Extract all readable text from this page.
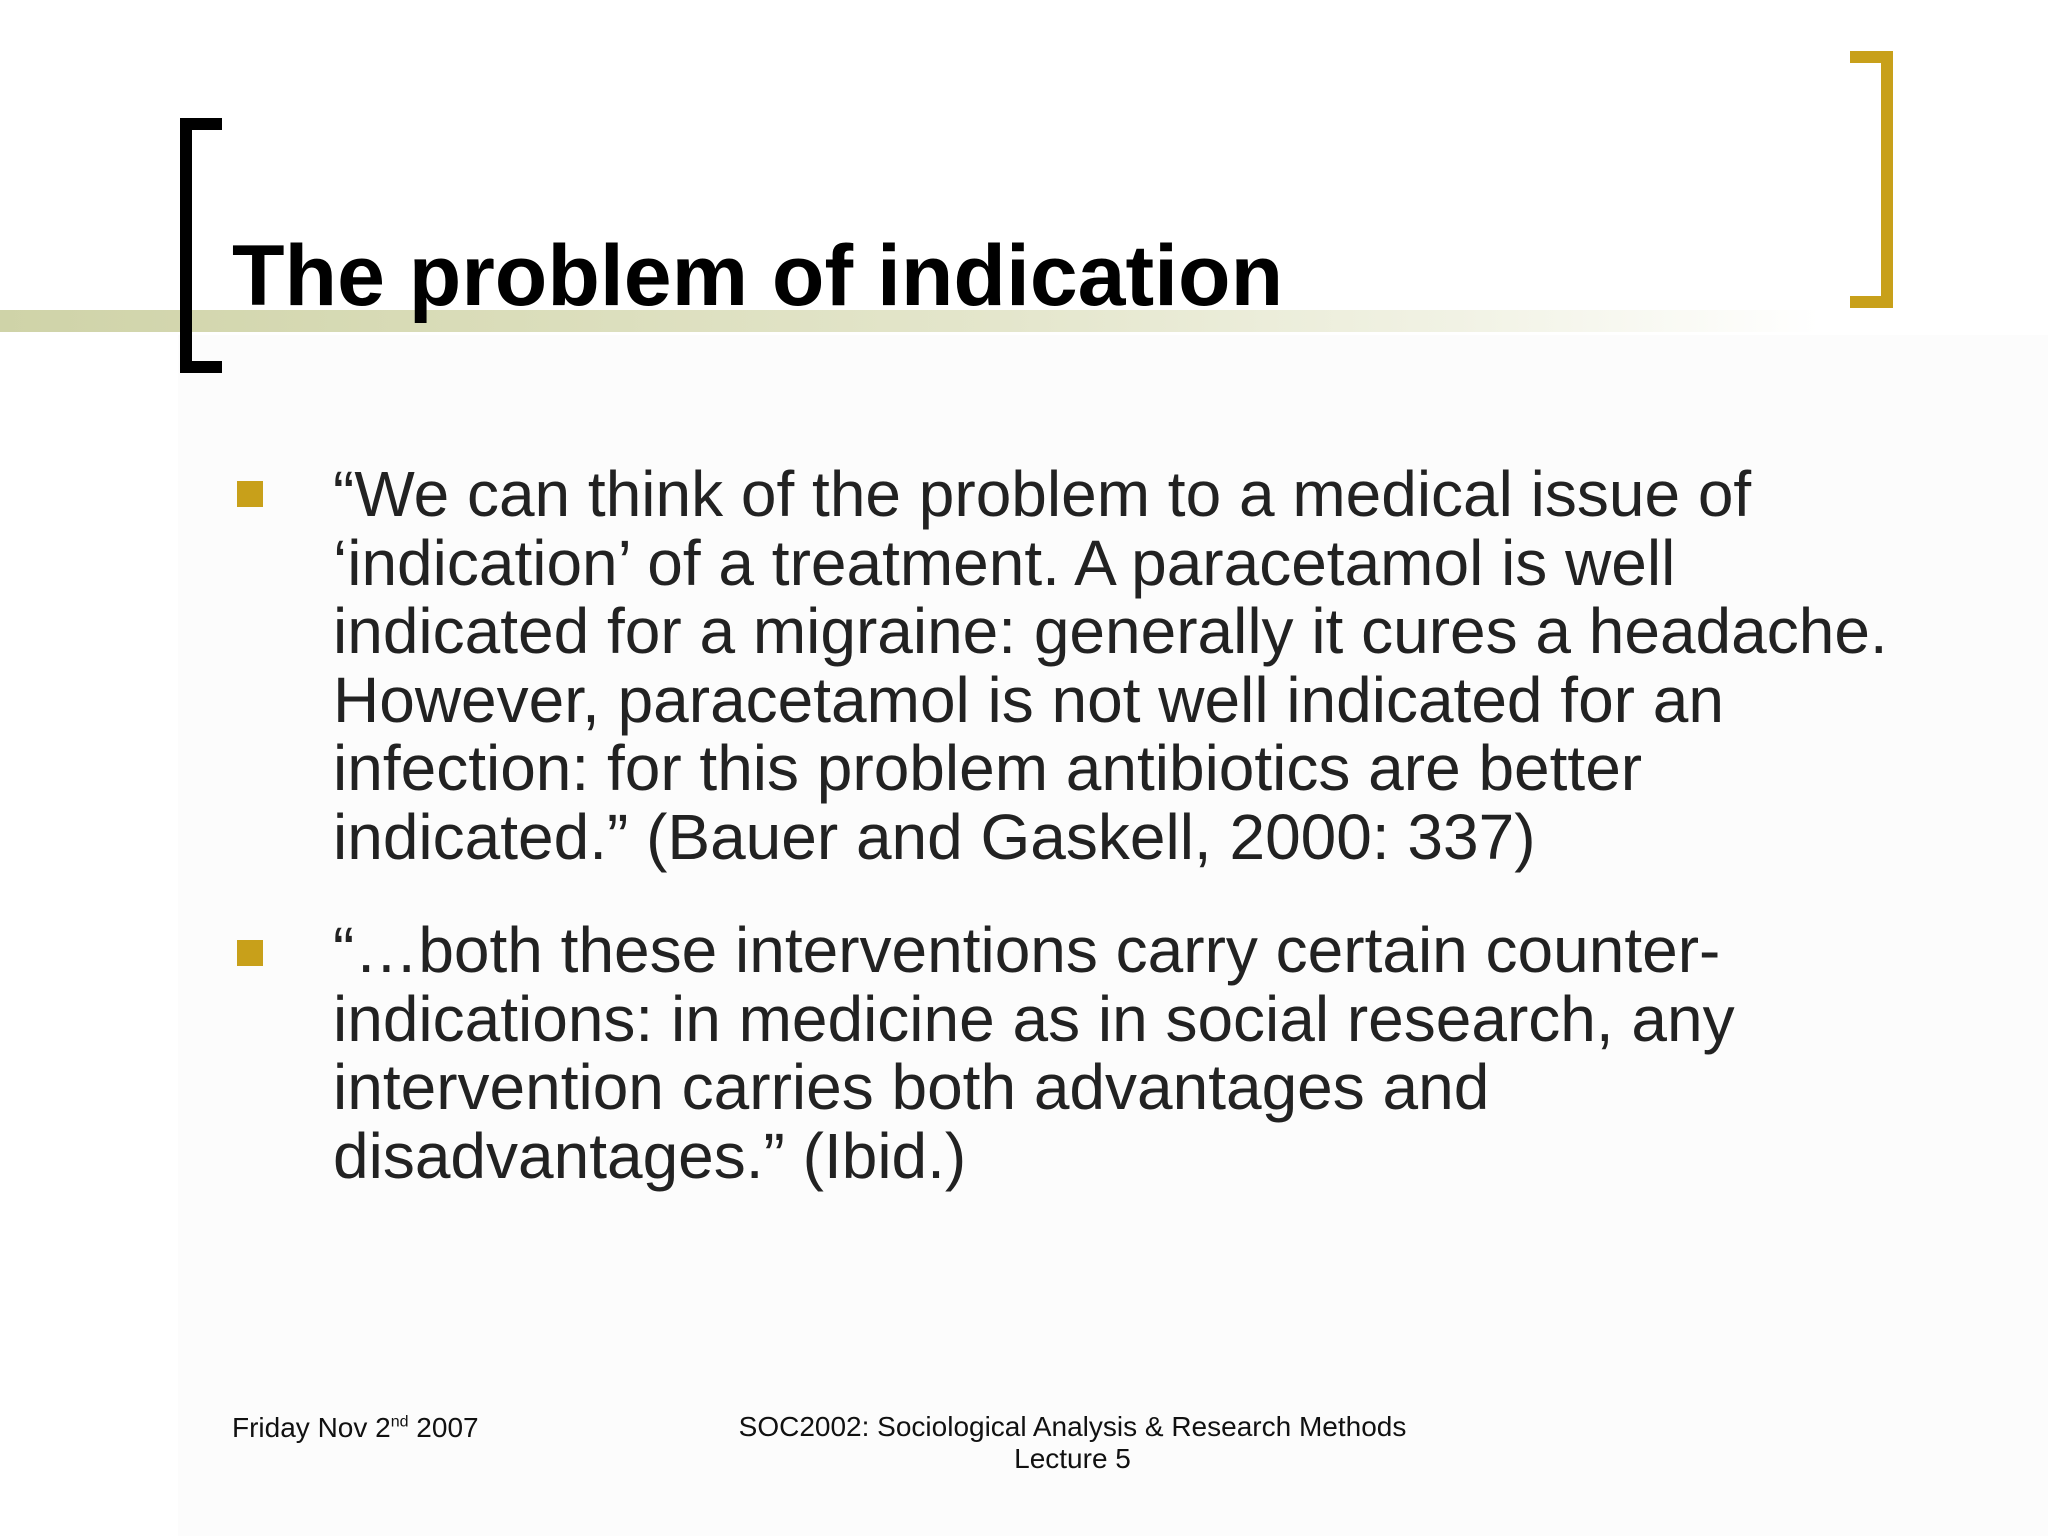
The problem of indication
“We can think of the problem to a medical issue of ‘indication’ of a treatment. A paracetamol is well indicated for a migraine: generally it cures a headache. However, paracetamol is not well indicated for an infection: for this problem antibiotics are better indicated.” (Bauer and Gaskell, 2000: 337)
“…both these interventions carry certain counter-indications: in medicine as in social research, any intervention carries both advantages and disadvantages.” (Ibid.)
Friday Nov 2nd 2007	SOC2002: Sociological Analysis & Research Methods
Lecture 5
